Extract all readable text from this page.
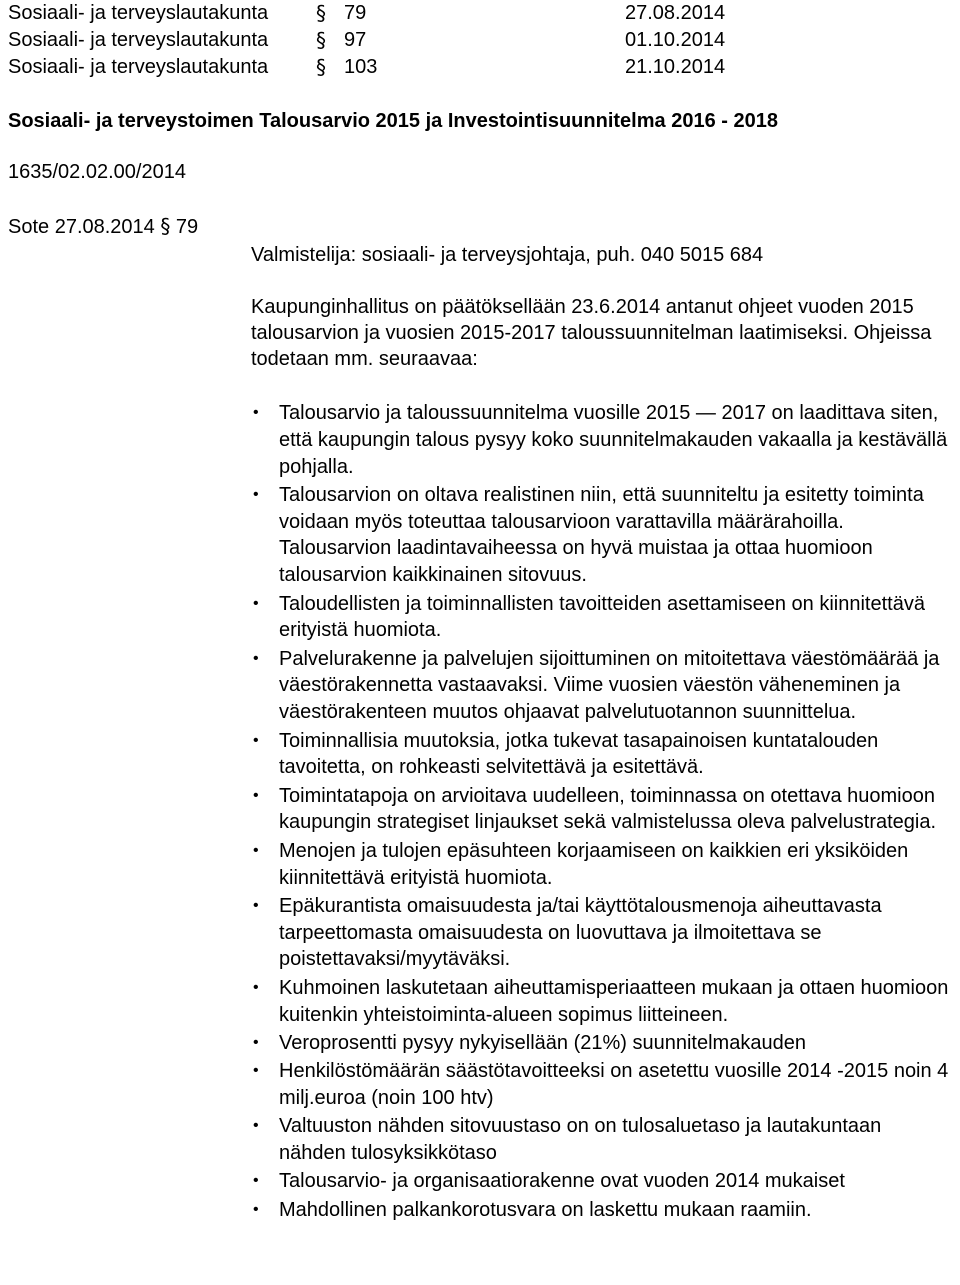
Sosiaali- ja terveyslautakunta § 79	27.08.2014
Sosiaali- ja terveyslautakunta § 97	01.10.2014
Sosiaali- ja terveyslautakunta § 103	21.10.2014
Sosiaali- ja terveystoimen Talousarvio 2015 ja Investointisuunnitelma 2016 - 2018
1635/02.02.00/2014
Sote 27.08.2014 § 79
Valmistelija: sosiaali- ja terveysjohtaja, puh. 040 5015 684
Kaupunginhallitus on päätöksellään 23.6.2014 antanut ohjeet vuoden 2015 talousarvion ja vuosien 2015-2017 taloussuunnitelman laatimiseksi. Ohjeissa todetaan mm. seuraavaa:
• Talousarvio ja taloussuunnitelma vuosille 2015 — 2017 on laadittava siten, että kaupungin talous pysyy koko suunnitelmakauden vakaalla ja kestävällä pohjalla.
• Talousarvion on oltava realistinen niin, että suunniteltu ja esitetty toiminta voidaan myös toteuttaa talousarvioon varattavilla määrärahoilla. Talousarvion laadintavaiheessa on hyvä muistaa ja ottaa huomioon talousarvion kaikkinainen sitovuus.
• Taloudellisten ja toiminnallisten tavoitteiden asettamiseen on kiinnitettävä erityistä huomiota.
• Palvelurakenne ja palvelujen sijoittuminen on mitoitettava väestömäärää ja väestörakennetta vastaavaksi. Viime vuosien väestön väheneminen ja väestörakenteen muutos ohjaavat palvelutuotannon suunnittelua.
• Toiminnallisia muutoksia, jotka tukevat tasapainoisen kuntatalouden tavoitetta, on rohkeasti selvitettävä ja esitettävä.
• Toimintatapoja on arvioitava uudelleen, toiminnassa on otettava huomioon kaupungin strategiset linjaukset sekä valmistelussa oleva palvelustrategia.
• Menojen ja tulojen epäsuhteen korjaamiseen on kaikkien eri yksiköiden kiinnitettävä erityistä huomiota.
• Epäkurantista omaisuudesta ja/tai käyttötalousmenoja aiheuttavasta tarpeettomasta omaisuudesta on luovuttava ja ilmoitettava se poistettavaksi/myytäväksi.
• Kuhmoinen laskutetaan aiheuttamisperiaatteen mukaan ja ottaen huomioon kuitenkin yhteistoiminta-alueen sopimus liitteineen.
• Veroprosentti pysyy nykyisellään (21%) suunnitelmakauden
• Henkilöstömäärän säästötavoitteeksi on asetettu vuosille 2014 -2015 noin 4 milj.euroa (noin 100 htv)
• Valtuuston nähden sitovuustaso on on tulosaluetaso ja lautakuntaan nähden tulosyksikkötaso
• Talousarvio- ja organisaatiorakenne ovat vuoden 2014 mukaiset
• Mahdollinen palkankorotusvara on laskettu mukaan raamiin.
